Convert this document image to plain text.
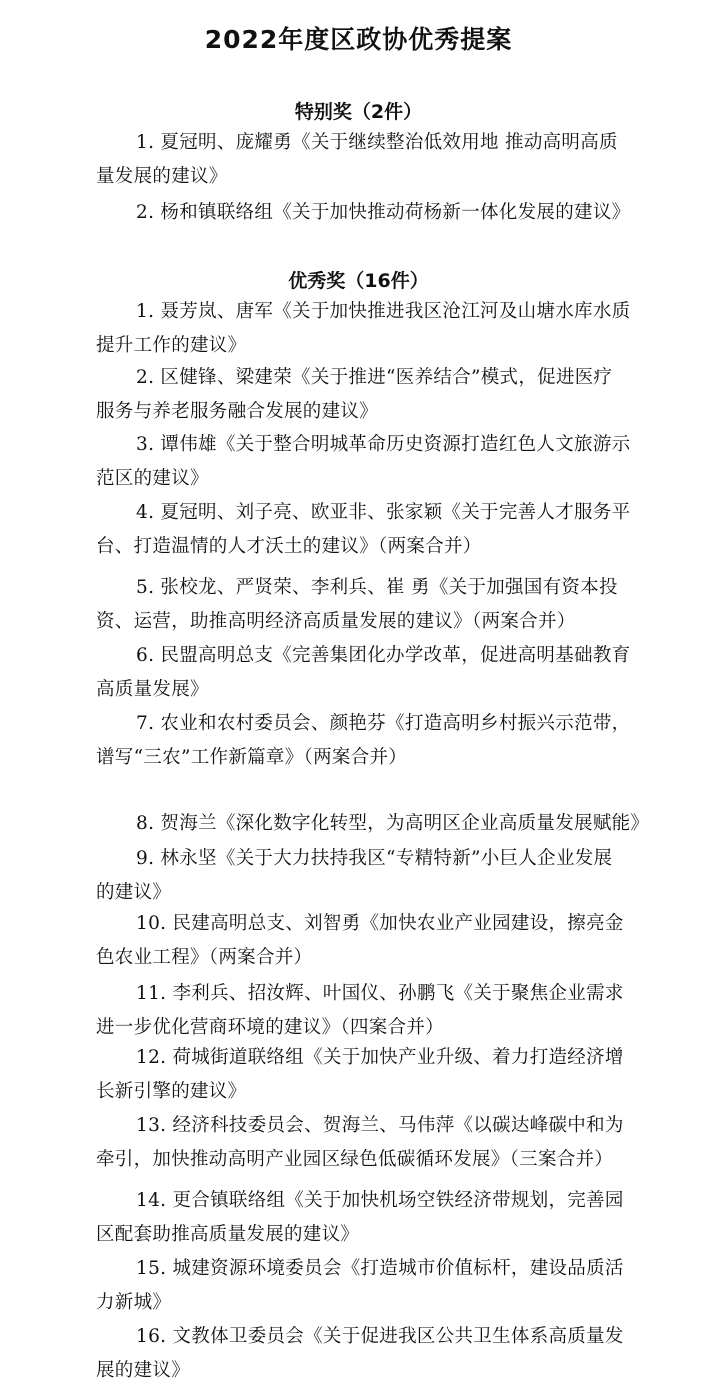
2022年度区政协优秀提案
特别奖（2件）
1. 夏冠明、庞耀勇《关于继续整治低效用地 推动高明高质
量发展的建议》
2. 杨和镇联络组《关于加快推动荷杨新一体化发展的建议》
优秀奖（16件）
1. 聂芳岚、唐军《关于加快推进我区沧江河及山塘水库水质
提升工作的建议》
2. 区健锋、梁建荣《关于推进“医养结合”模式，促进医疗
服务与养老服务融合发展的建议》
3. 谭伟雄《关于整合明城革命历史资源打造红色人文旅游示
范区的建议》
4. 夏冠明、刘子亮、欧亚非、张家颖《关于完善人才服务平
台、打造温情的人才沃土的建议》（两案合并）
5. 张校龙、严贤荣、李利兵、崔 勇《关于加强国有资本投
资、运营，助推高明经济高质量发展的建议》（两案合并）
6. 民盟高明总支《完善集团化办学改革，促进高明基础教育
高质量发展》
7. 农业和农村委员会、颜艳芬《打造高明乡村振兴示范带，
谱写“三农”工作新篇章》（两案合并）
8. 贺海兰《深化数字化转型，为高明区企业高质量发展赋能》
9. 林永坚《关于大力扶持我区“专精特新”小巨人企业发展
的建议》
10. 民建高明总支、刘智勇《加快农业产业园建设，擦亮金
色农业工程》（两案合并）
11. 李利兵、招汝辉、叶国仪、孙鹏飞《关于聚焦企业需求
进一步优化营商环境的建议》（四案合并）
12. 荷城街道联络组《关于加快产业升级、着力打造经济增
长新引擎的建议》
13. 经济科技委员会、贺海兰、马伟萍《以碳达峰碳中和为
牵引，加快推动高明产业园区绿色低碳循环发展》（三案合并）
14. 更合镇联络组《关于加快机场空铁经济带规划，完善园
区配套助推高质量发展的建议》
15. 城建资源环境委员会《打造城市价值标杆，建设品质活
力新城》
16. 文教体卫委员会《关于促进我区公共卫生体系高质量发
展的建议》
